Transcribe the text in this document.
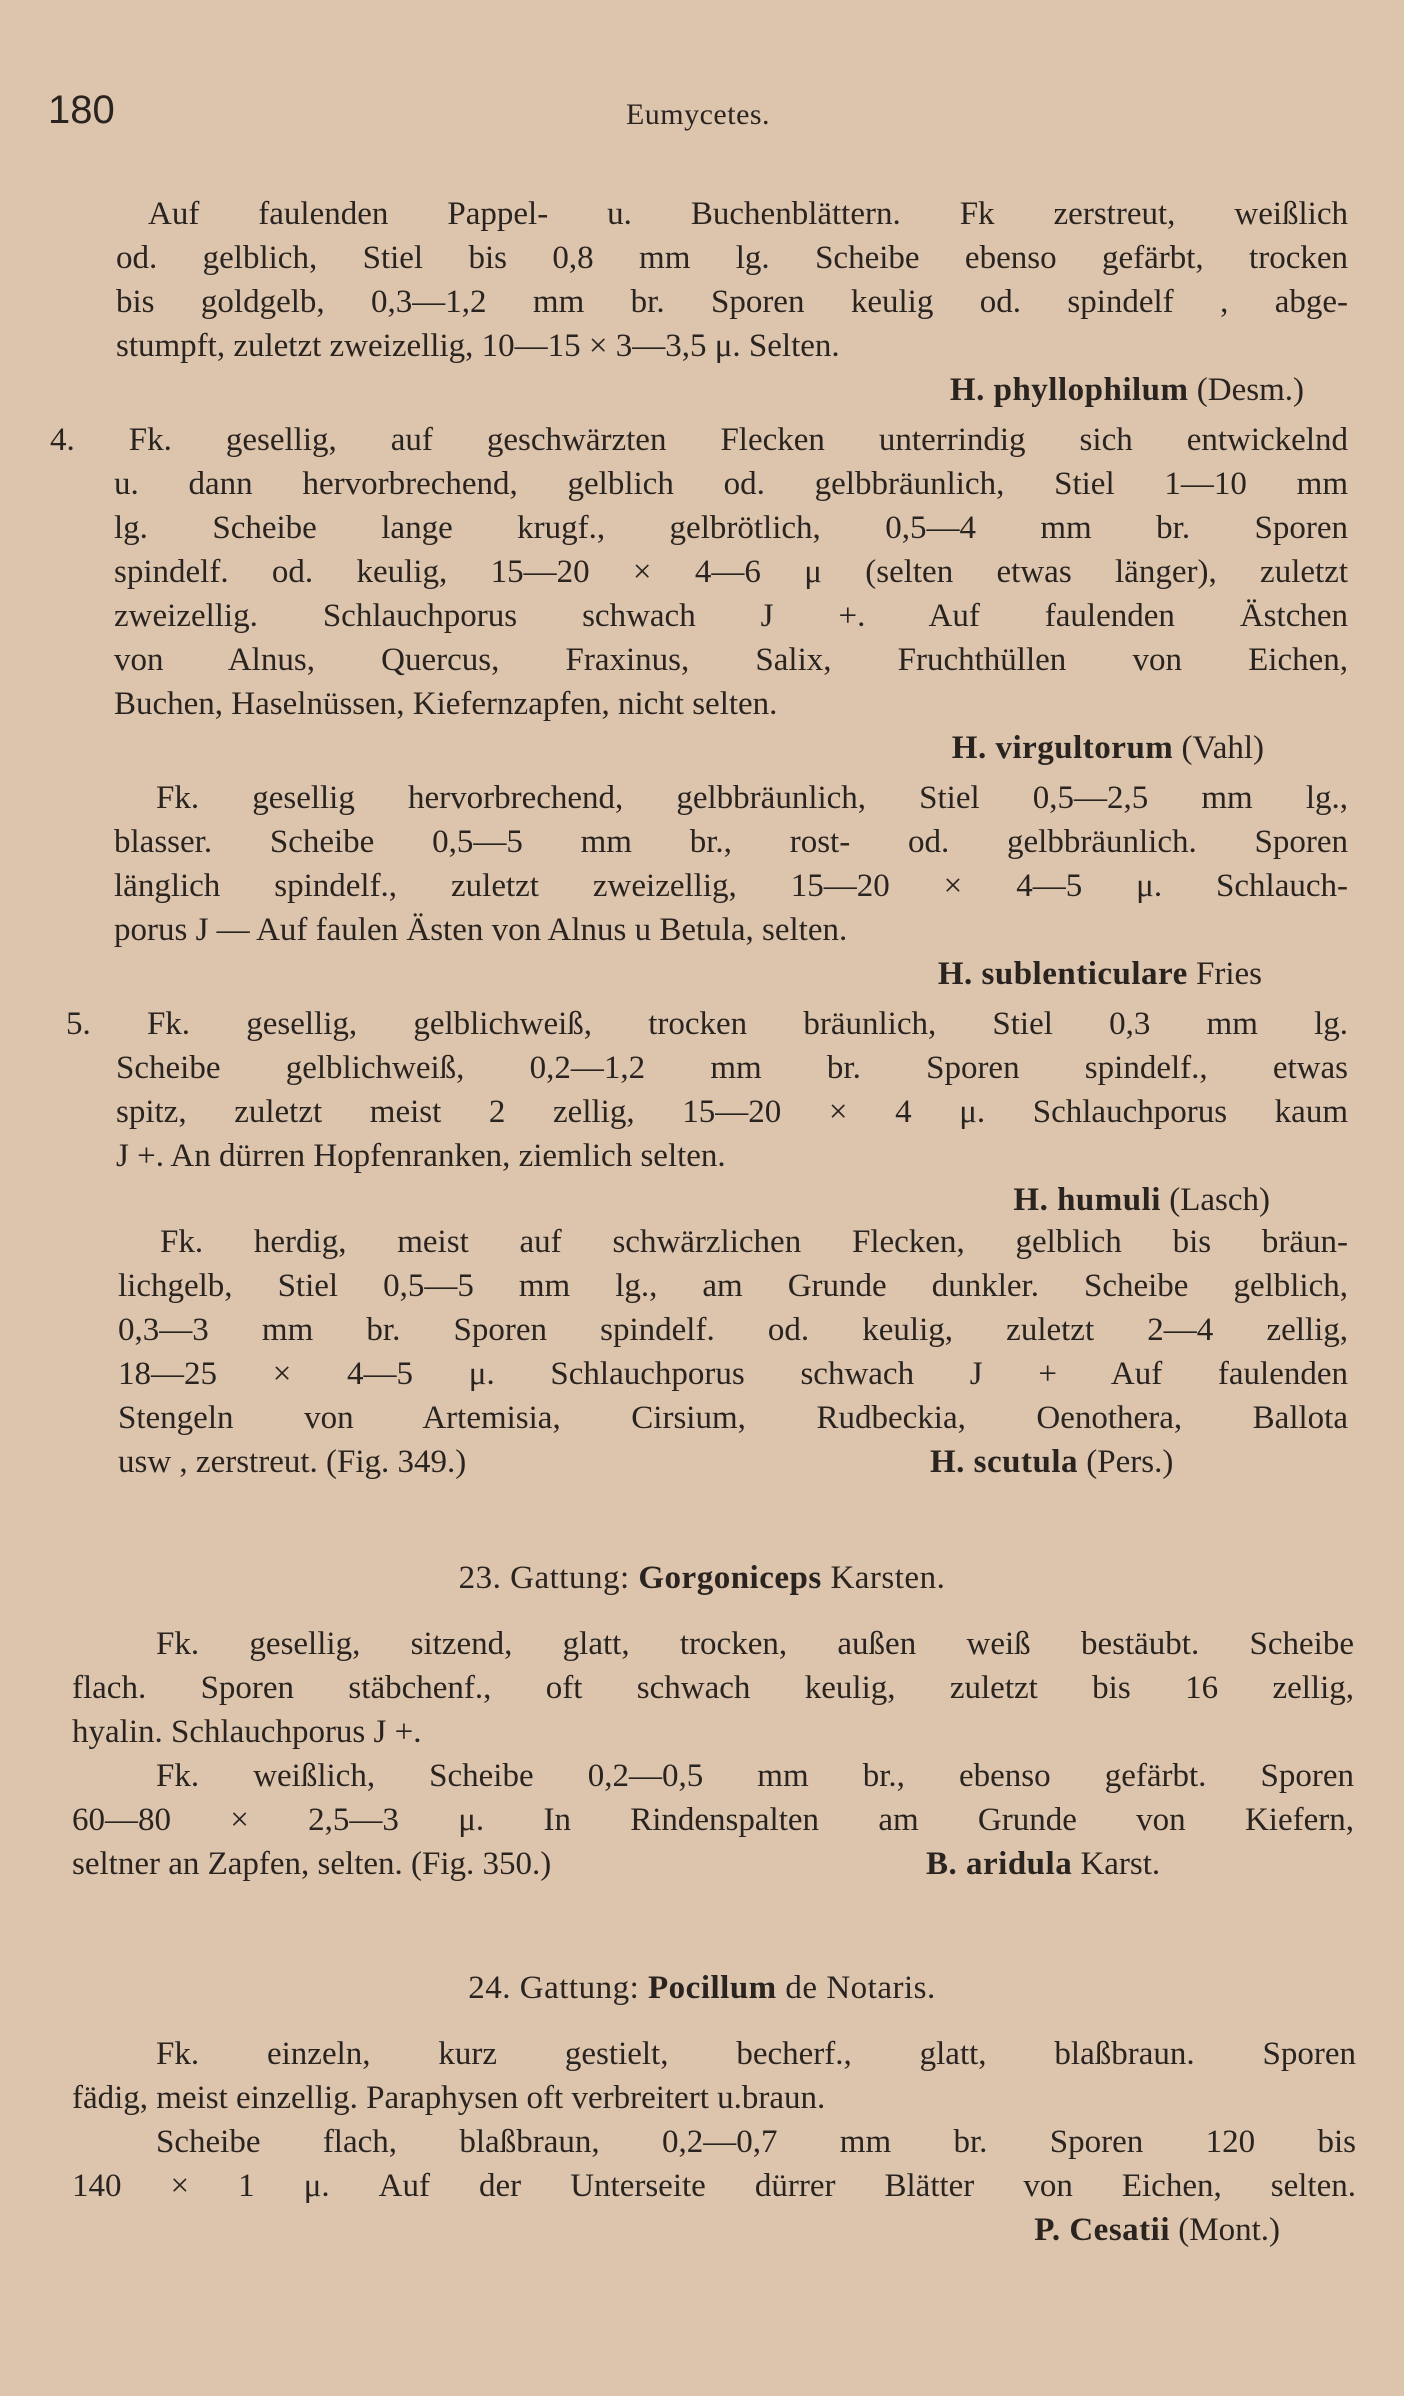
180	Eumycetes.
Auf faulenden Pappel- u. Buchenblättern. Fk zerstreut, weißlich
od. gelblich, Stiel bis 0,8 mm lg. Scheibe ebenso gefärbt, trocken
bis goldgelb, 0,3—1,2 mm br. Sporen keulig od. spindelf , abge-
stumpft, zuletzt zweizellig, 10—15 × 3—3,5 μ. Selten.
H. phyllophilum (Desm.)
4. Fk. gesellig, auf geschwärzten Flecken unterrindig sich entwickelnd
u. dann hervorbrechend, gelblich od. gelbbräunlich, Stiel 1—10 mm
lg. Scheibe lange krugf., gelbrötlich, 0,5—4 mm br. Sporen
spindelf. od. keulig, 15—20 × 4—6 μ (selten etwas länger), zuletzt
zweizellig. Schlauchporus schwach J +. Auf faulenden Ästchen
von Alnus, Quercus, Fraxinus, Salix, Fruchthüllen von Eichen,
Buchen, Haselnüssen, Kiefernzapfen, nicht selten.
H. virgultorum (Vahl)
Fk. gesellig hervorbrechend, gelbbräunlich, Stiel 0,5—2,5 mm lg.,
blasser. Scheibe 0,5—5 mm br., rost- od. gelbbräunlich. Sporen
länglich spindelf., zuletzt zweizellig, 15—20 × 4—5 μ. Schlauch-
porus J — Auf faulen Ästen von Alnus u Betula, selten.
H. sublenticulare Fries
5. Fk. gesellig, gelblichweiß, trocken bräunlich, Stiel 0,3 mm lg.
Scheibe gelblichweiß, 0,2—1,2 mm br. Sporen spindelf., etwas
spitz, zuletzt meist 2 zellig, 15—20 × 4 μ. Schlauchporus kaum
J +. An dürren Hopfenranken, ziemlich selten.
H. humuli (Lasch)
Fk. herdig, meist auf schwärzlichen Flecken, gelblich bis bräun-
lichgelb, Stiel 0,5—5 mm lg., am Grunde dunkler. Scheibe gelblich,
0,3—3 mm br. Sporen spindelf. od. keulig, zuletzt 2—4 zellig,
18—25 × 4—5 μ. Schlauchporus schwach J + Auf faulenden
Stengeln von Artemisia, Cirsium, Rudbeckia, Oenothera, Ballota
usw , zerstreut. (Fig. 349.)	H. scutula (Pers.)
23. Gattung: Gorgoniceps Karsten.
Fk. gesellig, sitzend, glatt, trocken, außen weiß bestäubt. Scheibe
flach. Sporen stäbchenf., oft schwach keulig, zuletzt bis 16 zellig,
hyalin. Schlauchporus J +.
Fk. weißlich, Scheibe 0,2—0,5 mm br., ebenso gefärbt. Sporen
60—80 × 2,5—3 μ. In Rindenspalten am Grunde von Kiefern,
seltner an Zapfen, selten. (Fig. 350.)	B. aridula Karst.
24. Gattung: Pocillum de Notaris.
Fk. einzeln, kurz gestielt, becherf., glatt, blaßbraun. Sporen
fädig, meist einzellig. Paraphysen oft verbreitert u.braun.
Scheibe flach, blaßbraun, 0,2—0,7 mm br. Sporen 120 bis
140 × 1 μ. Auf der Unterseite dürrer Blätter von Eichen, selten.
P. Cesatii (Mont.)
